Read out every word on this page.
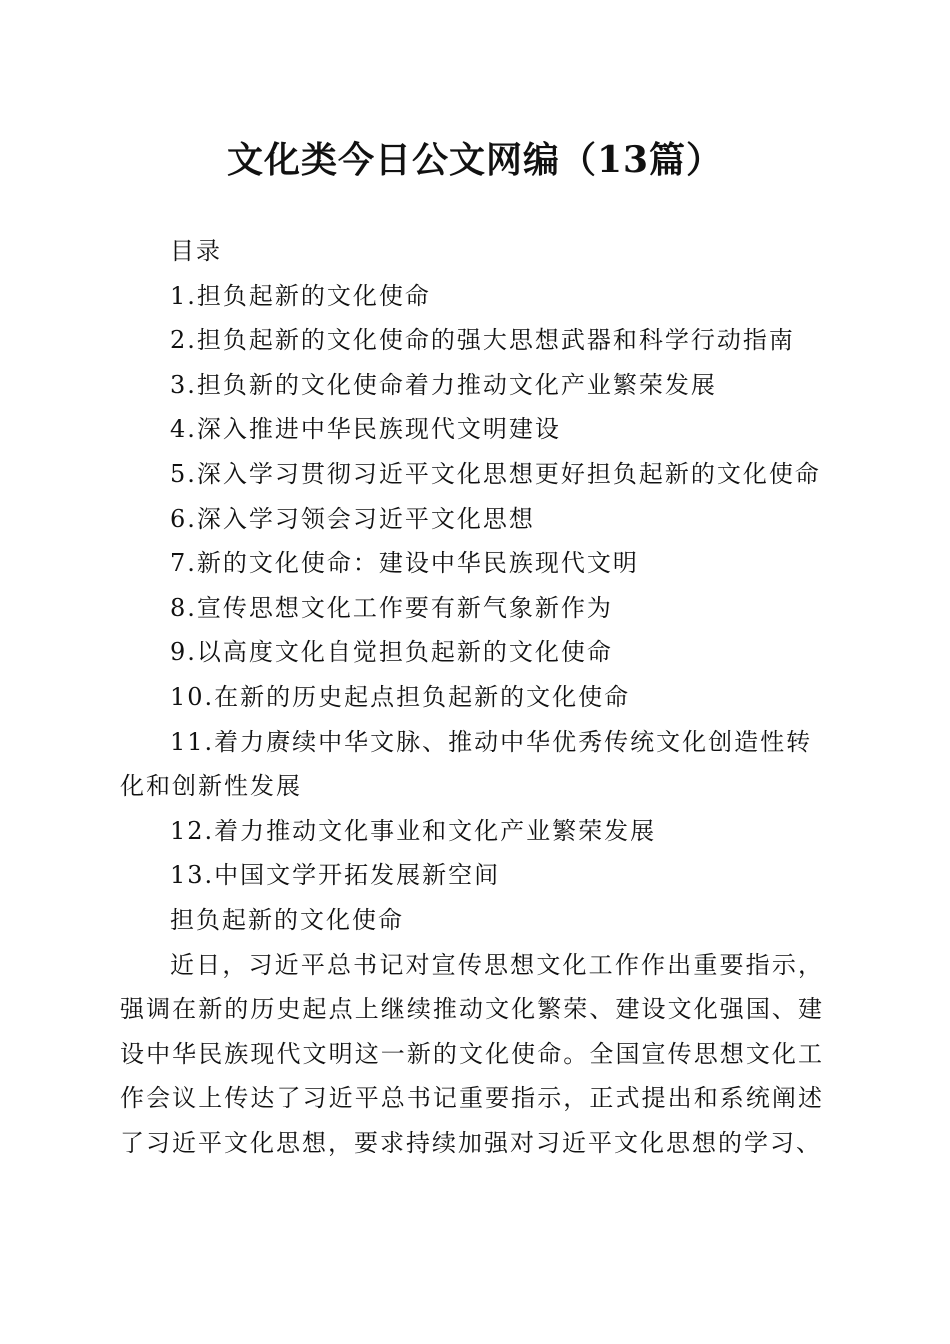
文化类今日公文网编（13篇）

目录

1.担负起新的文化使命

2.担负起新的文化使命的强大思想武器和科学行动指南

3.担负新的文化使命着力推动文化产业繁荣发展

4.深入推进中华民族现代文明建设

5.深入学习贯彻习近平文化思想更好担负起新的文化使命

6.深入学习领会习近平文化思想

7.新的文化使命：建设中华民族现代文明

8.宣传思想文化工作要有新气象新作为

9.以高度文化自觉担负起新的文化使命

10.在新的历史起点担负起新的文化使命

11.着力赓续中华文脉、推动中华优秀传统文化创造性转化和创新性发展

12.着力推动文化事业和文化产业繁荣发展

13.中国文学开拓发展新空间

担负起新的文化使命

近日，习近平总书记对宣传思想文化工作作出重要指示，强调在新的历史起点上继续推动文化繁荣、建设文化强国、建设中华民族现代文明这一新的文化使命。全国宣传思想文化工作会议上传达了习近平总书记重要指示，正式提出和系统阐述了习近平文化思想，要求持续加强对习近平文化思想的学习、
